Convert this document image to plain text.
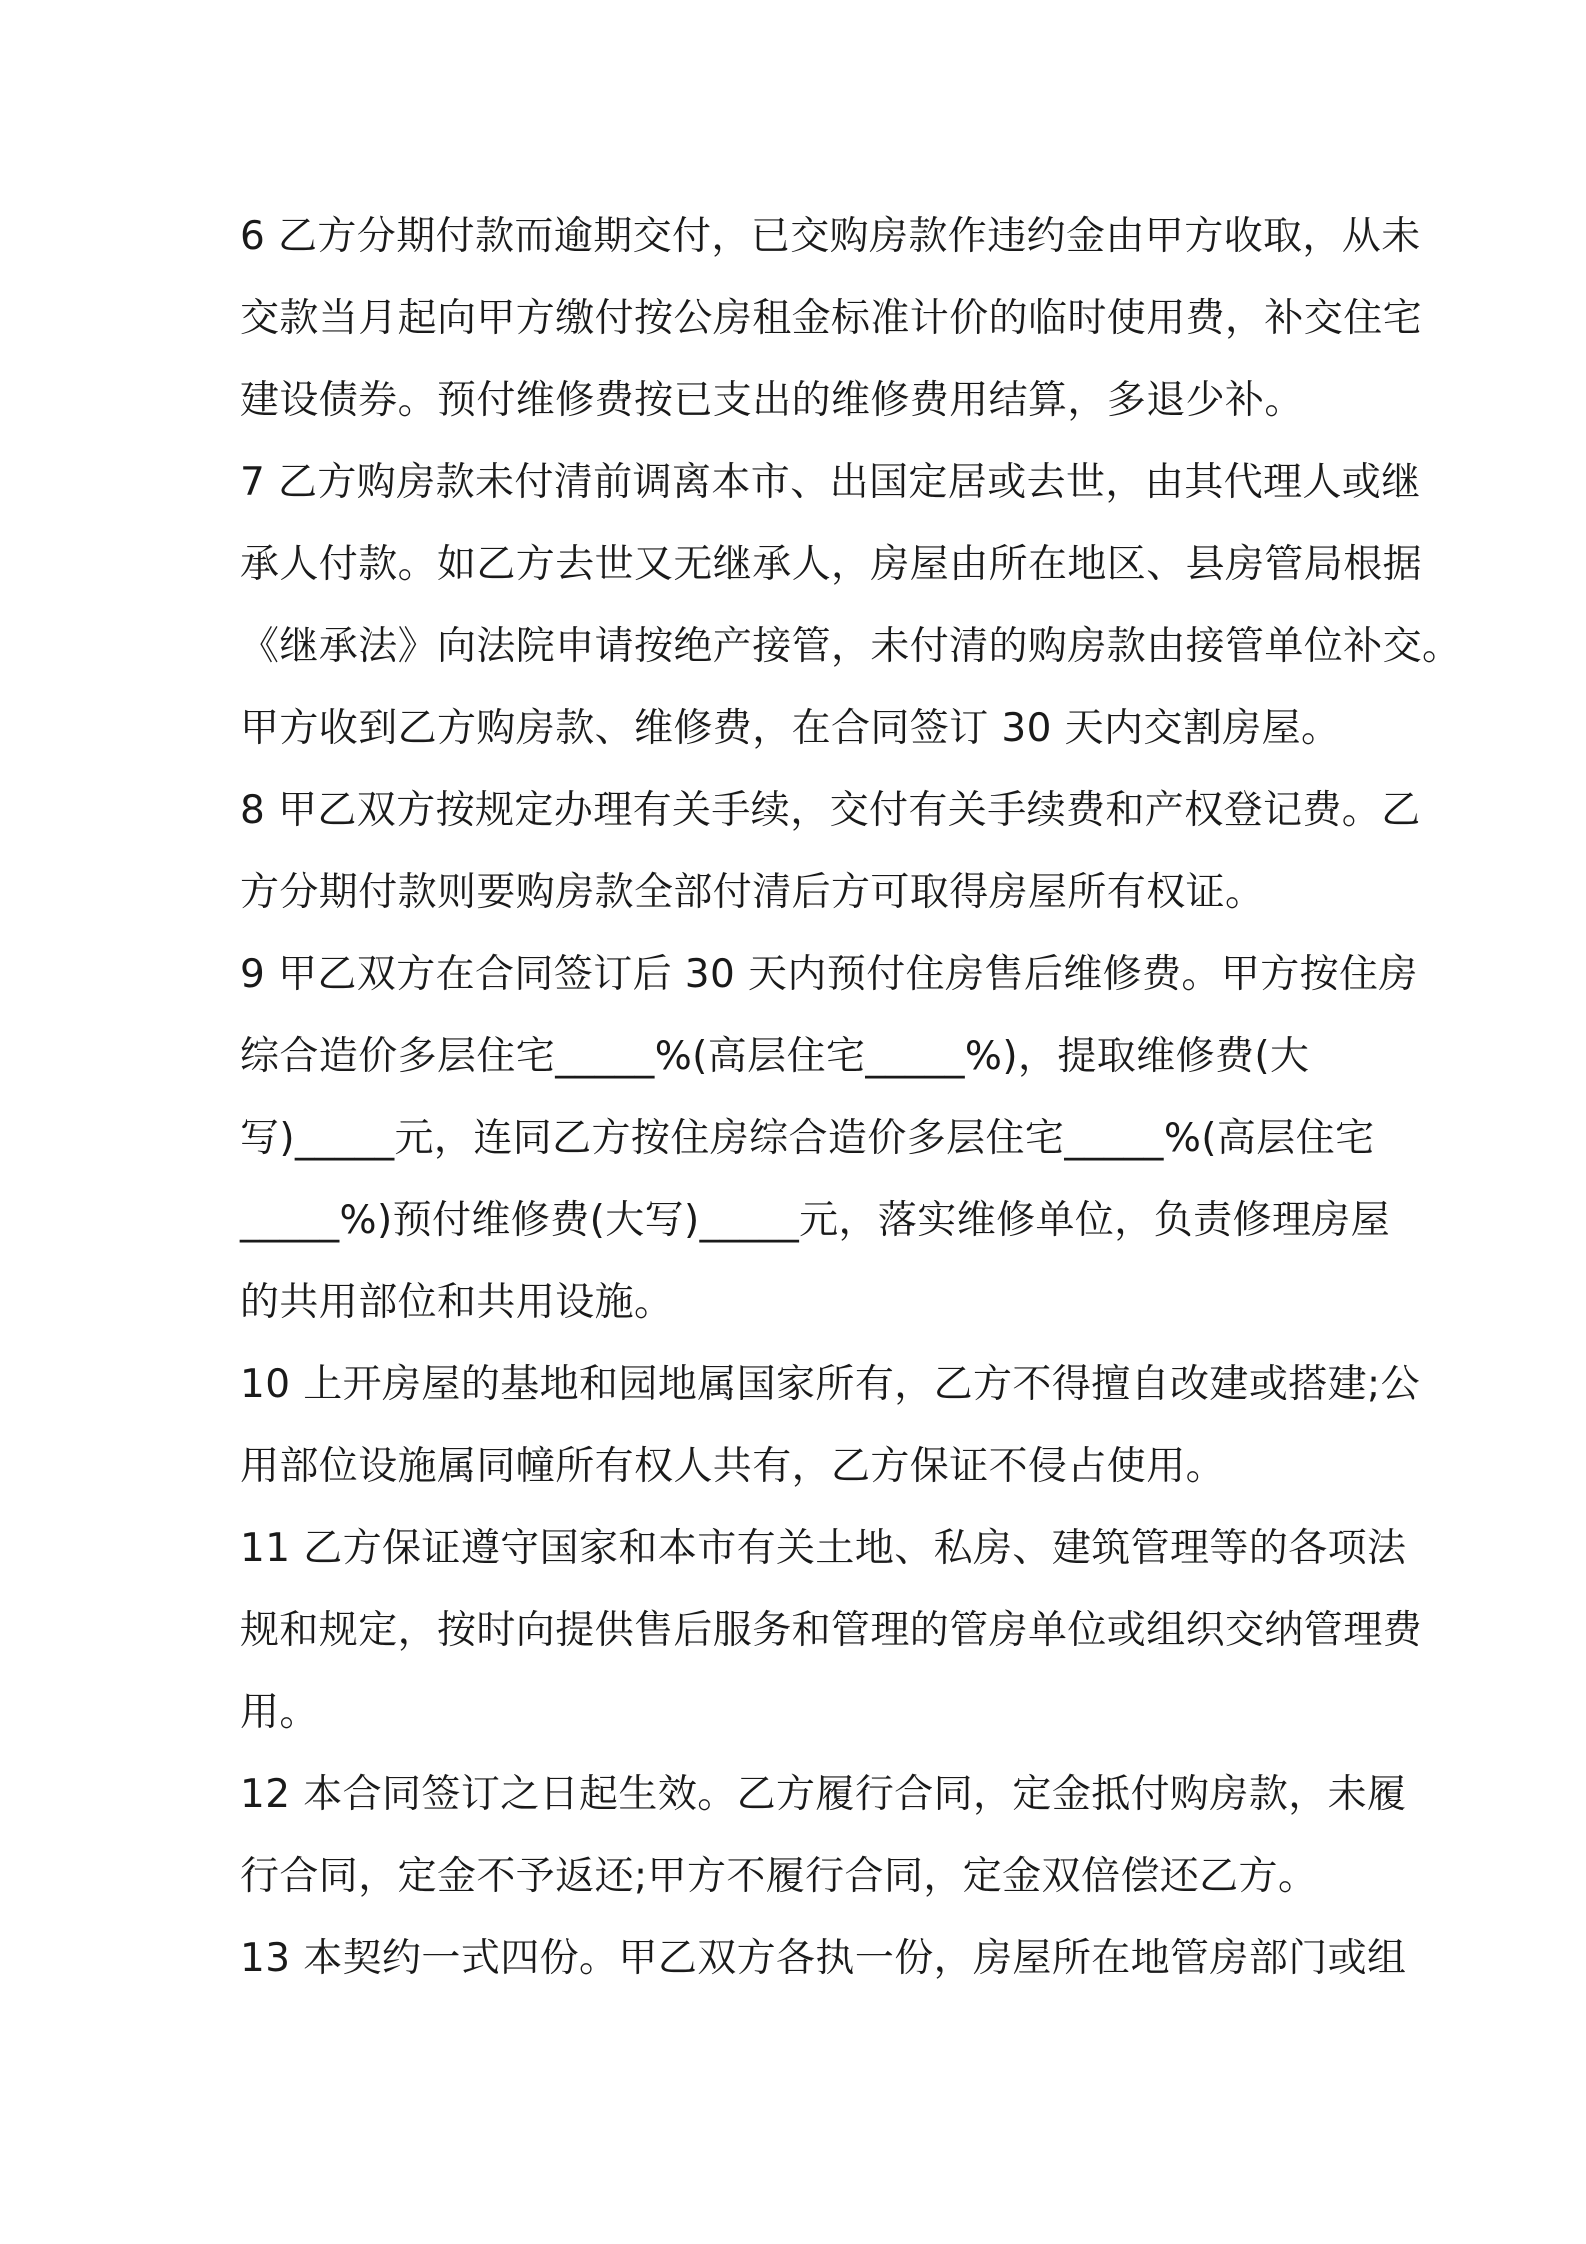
6 乙方分期付款而逾期交付，已交购房款作违约金由甲方收取，从未
交款当月起向甲方缴付按公房租金标准计价的临时使用费，补交住宅
建设债券。预付维修费按已支出的维修费用结算，多退少补。
7 乙方购房款未付清前调离本市、出国定居或去世，由其代理人或继
承人付款。如乙方去世又无继承人，房屋由所在地区、县房管局根据
《继承法》向法院申请按绝产接管，未付清的购房款由接管单位补交。
甲方收到乙方购房款、维修费，在合同签订 30 天内交割房屋。
8 甲乙双方按规定办理有关手续，交付有关手续费和产权登记费。乙
方分期付款则要购房款全部付清后方可取得房屋所有权证。
9 甲乙双方在合同签订后 30 天内预付住房售后维修费。甲方按住房
综合造价多层住宅_____%(高层住宅_____%)，提取维修费(大
写)_____元，连同乙方按住房综合造价多层住宅_____%(高层住宅
_____%)预付维修费(大写)_____元，落实维修单位，负责修理房屋
的共用部位和共用设施。
10 上开房屋的基地和园地属国家所有，乙方不得擅自改建或搭建;公
用部位设施属同幢所有权人共有，乙方保证不侵占使用。
11 乙方保证遵守国家和本市有关土地、私房、建筑管理等的各项法
规和规定，按时向提供售后服务和管理的管房单位或组织交纳管理费
用。
12 本合同签订之日起生效。乙方履行合同，定金抵付购房款，未履
行合同，定金不予返还;甲方不履行合同，定金双倍偿还乙方。
13 本契约一式四份。甲乙双方各执一份，房屋所在地管房部门或组
